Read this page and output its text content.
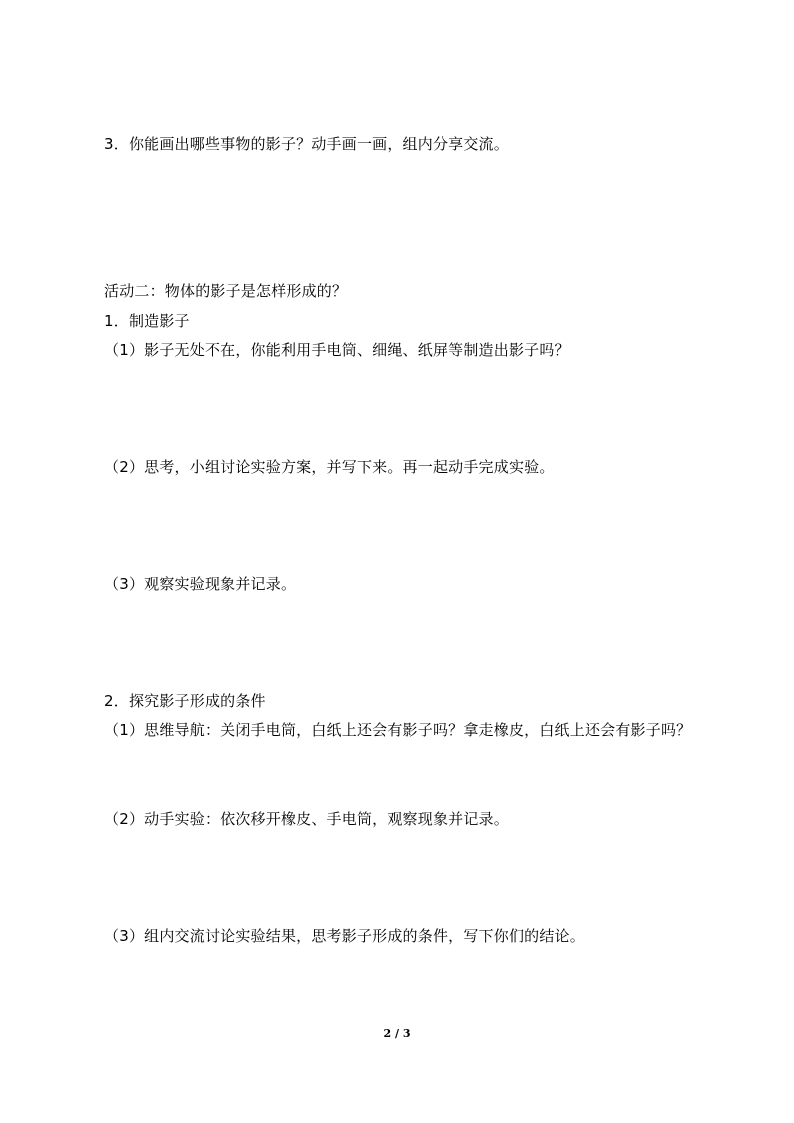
3．你能画出哪些事物的影子？动手画一画，组内分享交流。
活动二：物体的影子是怎样形成的？
1．制造影子
（1）影子无处不在，你能利用手电筒、细绳、纸屏等制造出影子吗？
（2）思考，小组讨论实验方案，并写下来。再一起动手完成实验。
（3）观察实验现象并记录。
2．探究影子形成的条件
（1）思维导航：关闭手电筒，白纸上还会有影子吗？拿走橡皮，白纸上还会有影子吗？
（2）动手实验：依次移开橡皮、手电筒，观察现象并记录。
（3）组内交流讨论实验结果，思考影子形成的条件，写下你们的结论。
2 / 3
